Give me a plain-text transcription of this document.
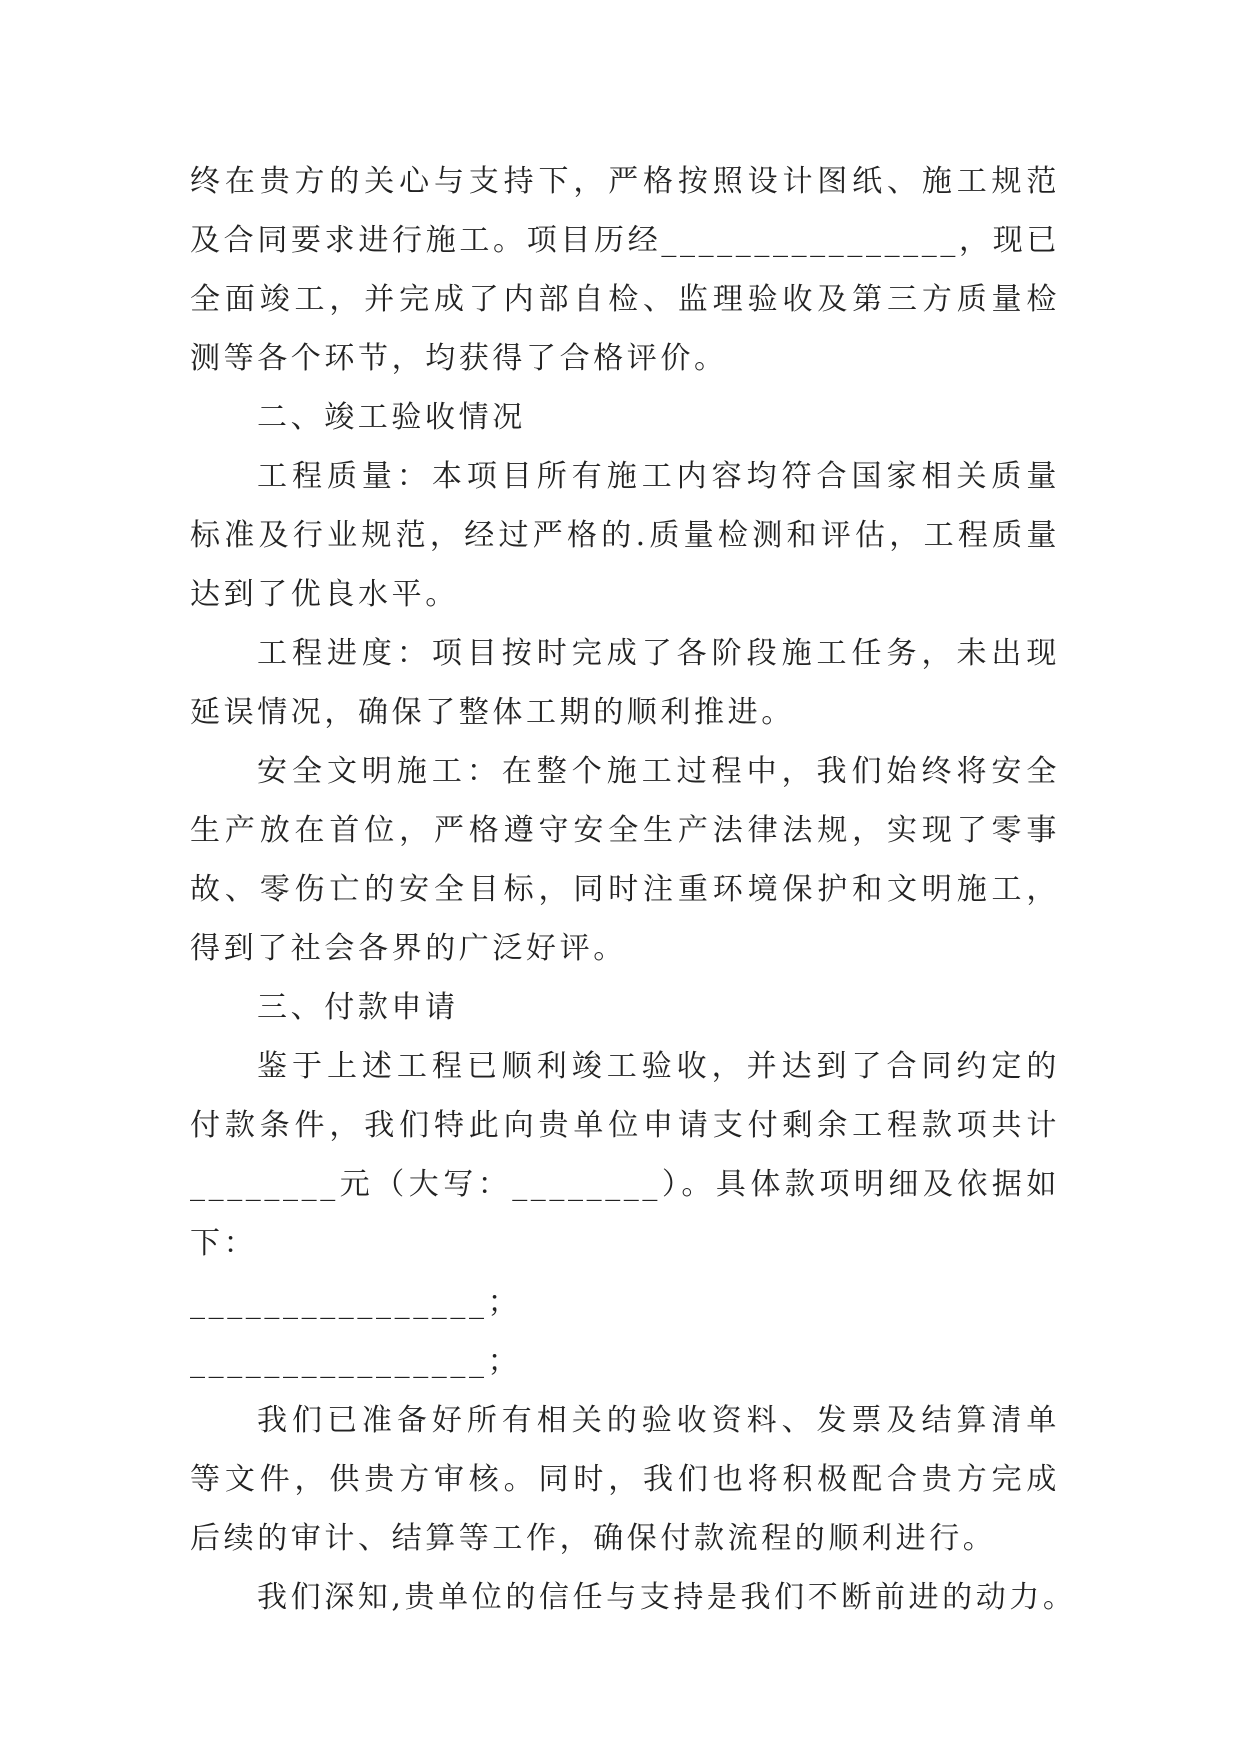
终在贵方的关心与支持下，严格按照设计图纸、施工规范及合同要求进行施工。项目历经________________，现已全面竣工，并完成了内部自检、监理验收及第三方质量检测等各个环节，均获得了合格评价。

二、竣工验收情况

工程质量：本项目所有施工内容均符合国家相关质量标准及行业规范，经过严格的.质量检测和评估，工程质量达到了优良水平。

工程进度：项目按时完成了各阶段施工任务，未出现延误情况，确保了整体工期的顺利推进。

安全文明施工：在整个施工过程中，我们始终将安全生产放在首位，严格遵守安全生产法律法规，实现了零事故、零伤亡的安全目标，同时注重环境保护和文明施工，得到了社会各界的广泛好评。

三、付款申请

鉴于上述工程已顺利竣工验收，并达到了合同约定的付款条件，我们特此向贵单位申请支付剩余工程款项共计________元（大写：________）。具体款项明细及依据如下：

________________；

________________；

我们已准备好所有相关的验收资料、发票及结算清单等文件，供贵方审核。同时，我们也将积极配合贵方完成后续的审计、结算等工作，确保付款流程的顺利进行。

我们深知,贵单位的信任与支持是我们不断前进的动力。
